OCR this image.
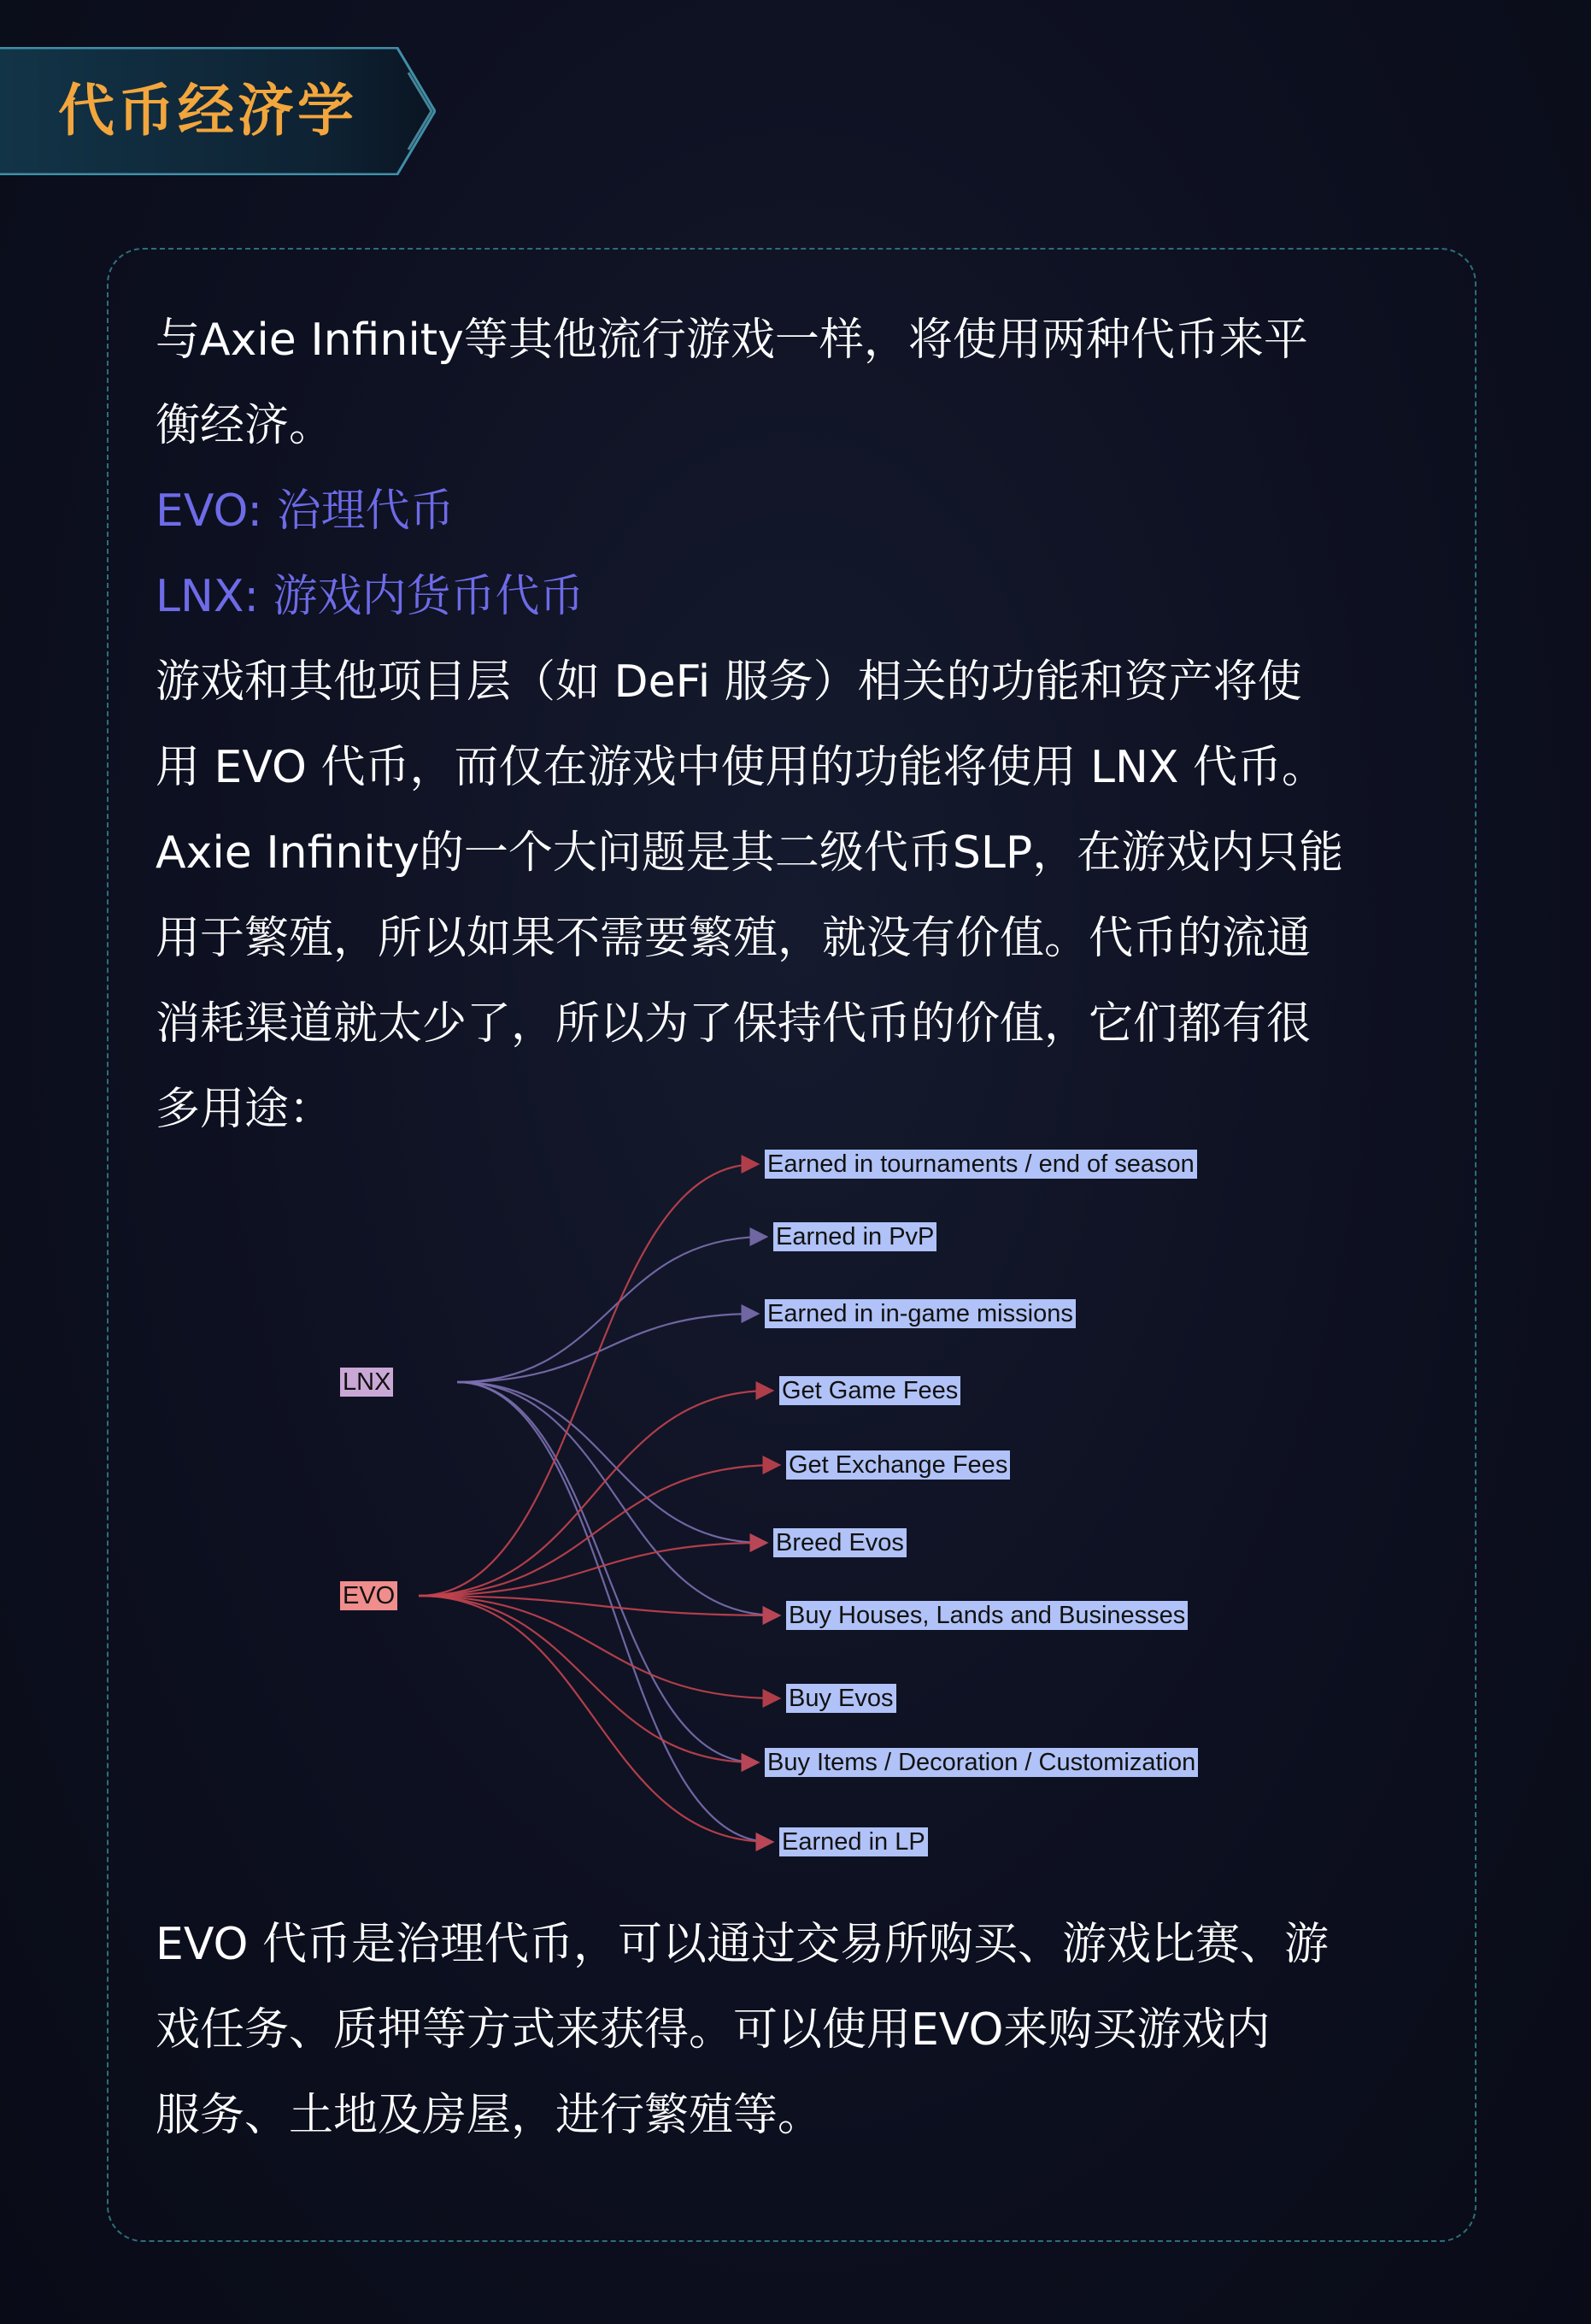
代币经济学

与Axie Infinity等其他流行游戏一样，将使用两种代币来平

衡经济。

EVO: 治理代币

LNX: 游戏内货币代币

游戏和其他项目层（如 DeFi 服务）相关的功能和资产将使

用 EVO 代币，而仅在游戏中使用的功能将使用 LNX 代币。

Axie Infinity的一个大问题是其二级代币SLP，在游戏内只能

用于繁殖，所以如果不需要繁殖，就没有价值。代币的流通

消耗渠道就太少了，所以为了保持代币的价值，它们都有很

多用途：

LNX
EVO
Earned in tournaments / end of season
Earned in PvP
Earned in in-game missions
Get Game Fees
Get Exchange Fees
Breed Evos
Buy Houses, Lands and Businesses
Buy Evos
Buy Items / Decoration / Customization
Earned in LP

EVO 代币是治理代币，可以通过交易所购买、游戏比赛、游

戏任务、质押等方式来获得。可以使用EVO来购买游戏内

服务、土地及房屋，进行繁殖等。
